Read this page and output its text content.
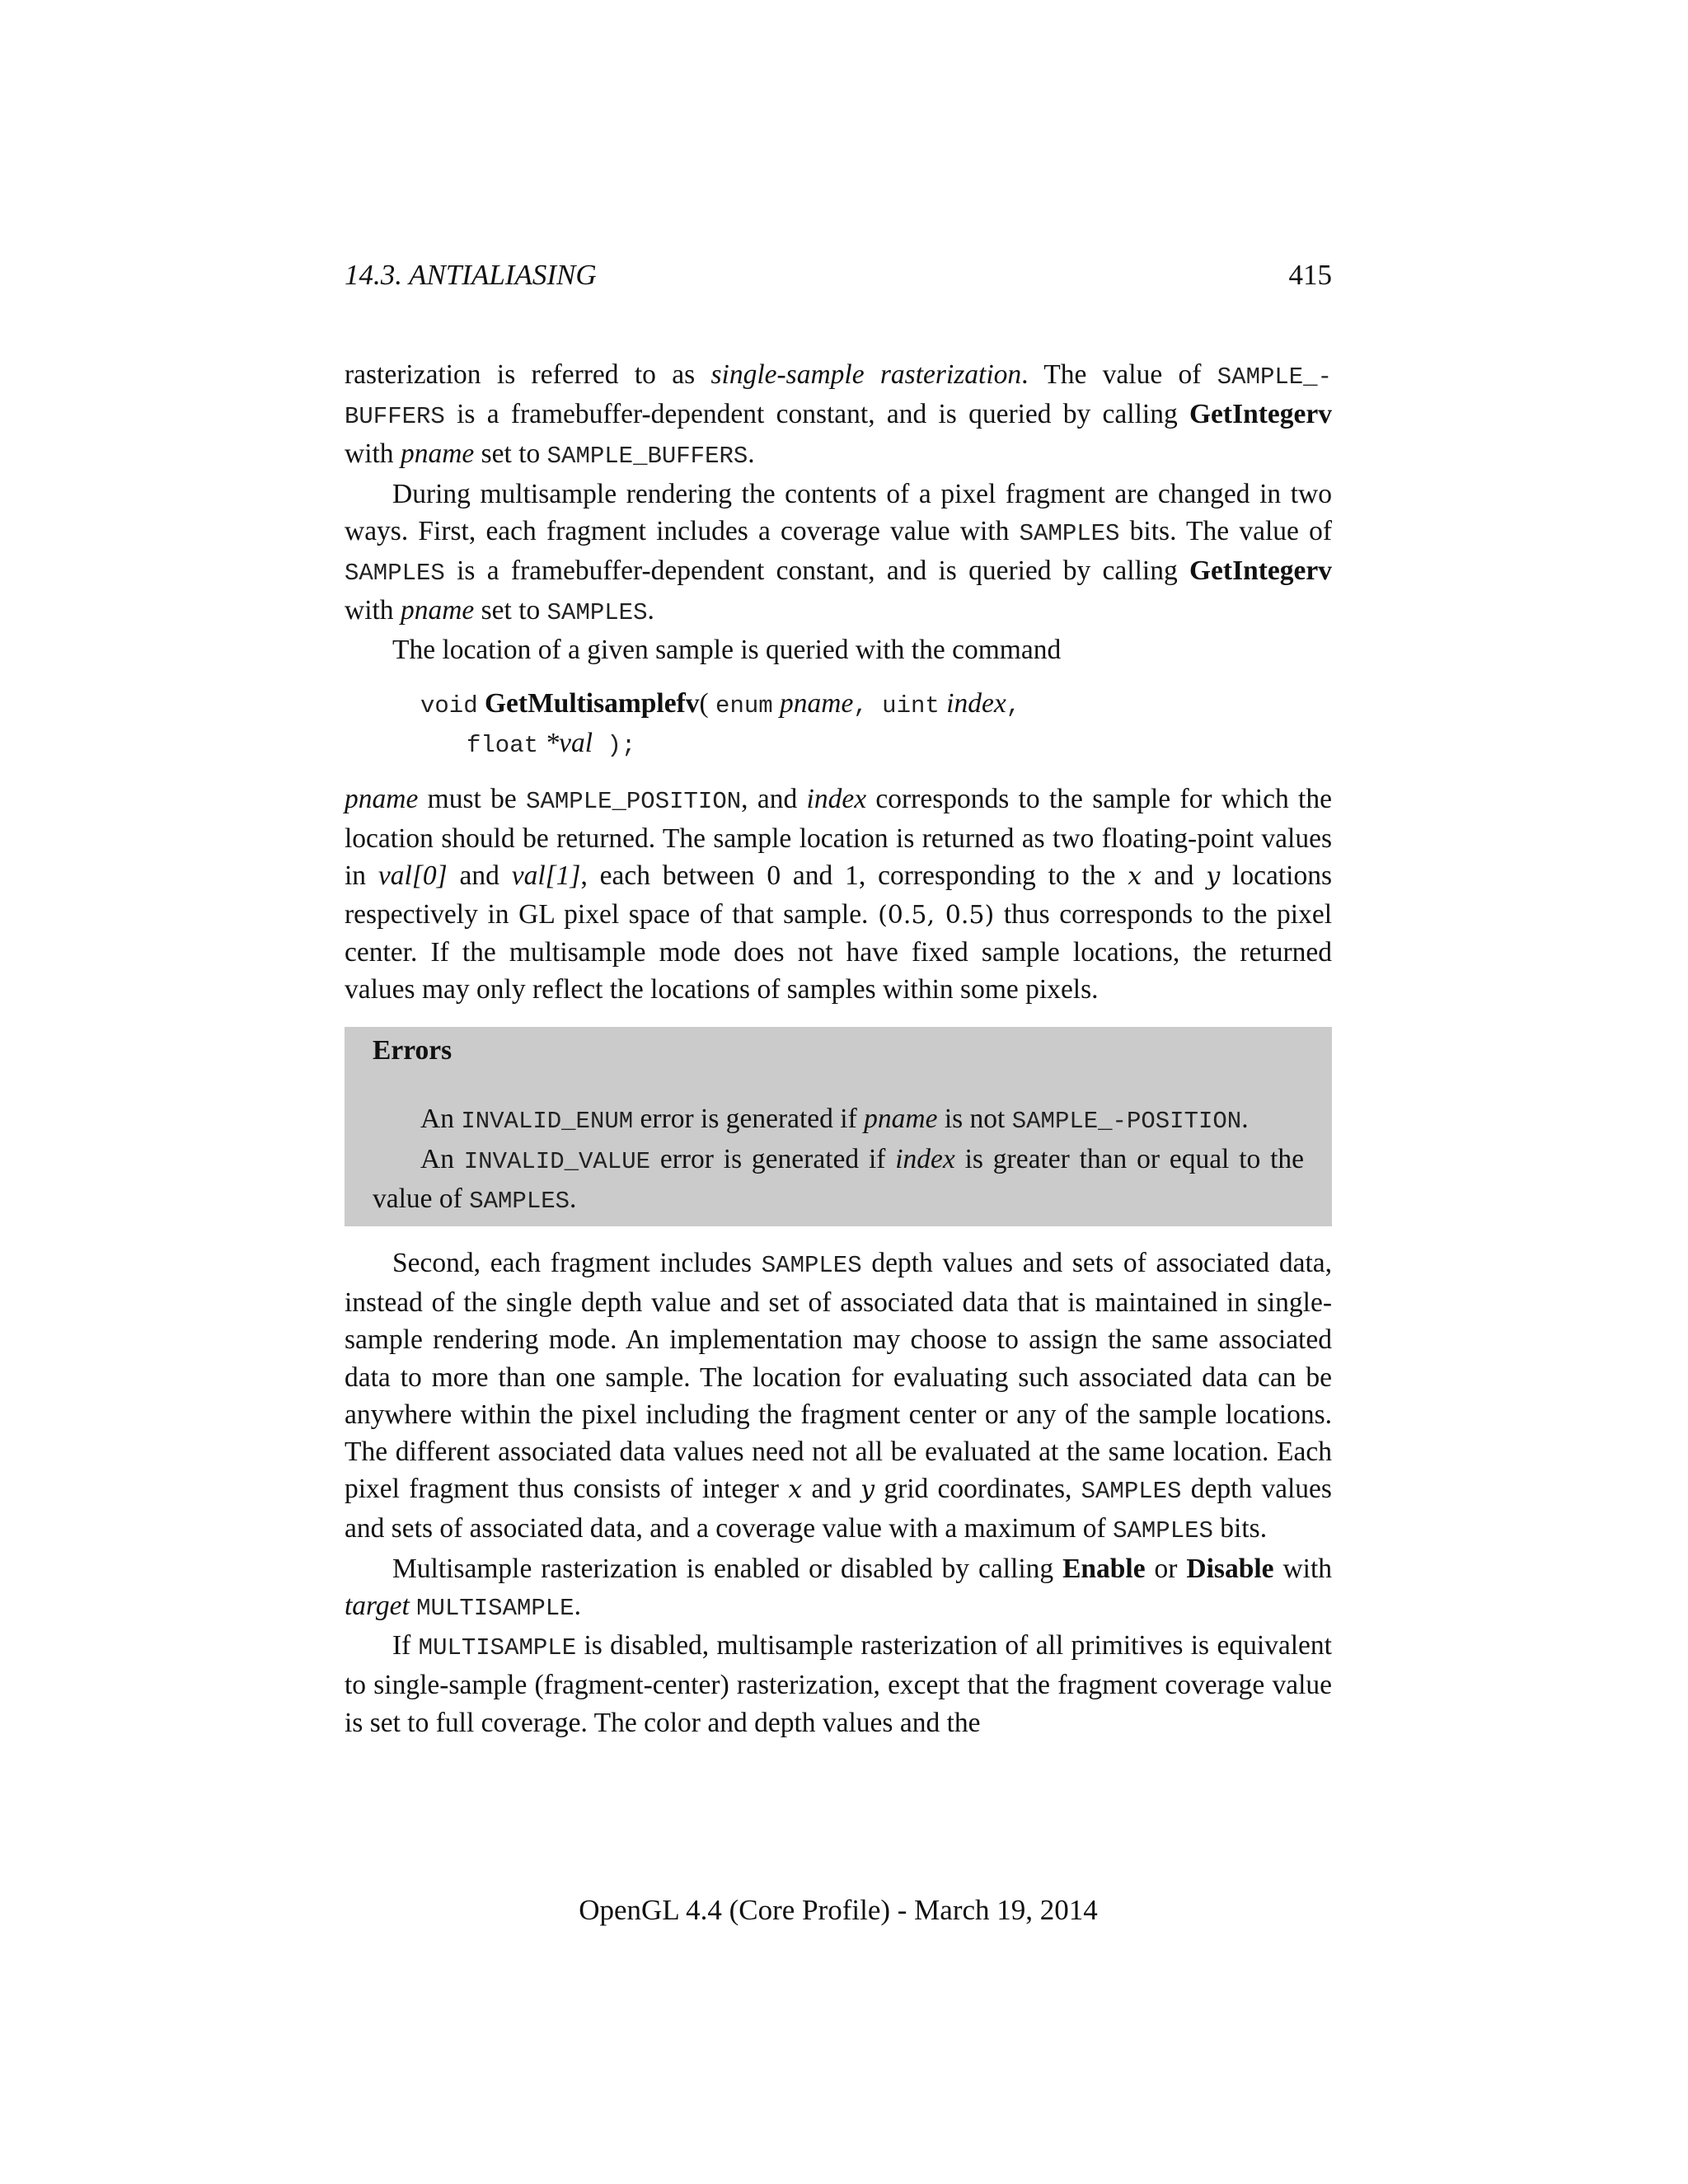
14.3. ANTIALIASING	415

rasterization is referred to as single-sample rasterization. The value of SAMPLE_-BUFFERS is a framebuffer-dependent constant, and is queried by calling GetIntegerv with pname set to SAMPLE_BUFFERS.

During multisample rendering the contents of a pixel fragment are changed in two ways. First, each fragment includes a coverage value with SAMPLES bits. The value of SAMPLES is a framebuffer-dependent constant, and is queried by calling GetIntegerv with pname set to SAMPLES.

The location of a given sample is queried with the command

void GetMultisamplefv( enum pname, uint index,
float *val );

pname must be SAMPLE_POSITION, and index corresponds to the sample for which the location should be returned. The sample location is returned as two floating-point values in val[0] and val[1], each between 0 and 1, corresponding to the x and y locations respectively in GL pixel space of that sample. (0.5, 0.5) thus corresponds to the pixel center. If the multisample mode does not have fixed sample locations, the returned values may only reflect the locations of samples within some pixels.

Errors

An INVALID_ENUM error is generated if pname is not SAMPLE_-POSITION.

An INVALID_VALUE error is generated if index is greater than or equal to the value of SAMPLES.

Second, each fragment includes SAMPLES depth values and sets of associated data, instead of the single depth value and set of associated data that is maintained in single-sample rendering mode. An implementation may choose to assign the same associated data to more than one sample. The location for evaluating such associated data can be anywhere within the pixel including the fragment center or any of the sample locations. The different associated data values need not all be evaluated at the same location. Each pixel fragment thus consists of integer x and y grid coordinates, SAMPLES depth values and sets of associated data, and a coverage value with a maximum of SAMPLES bits.

Multisample rasterization is enabled or disabled by calling Enable or Disable with target MULTISAMPLE.

If MULTISAMPLE is disabled, multisample rasterization of all primitives is equivalent to single-sample (fragment-center) rasterization, except that the fragment coverage value is set to full coverage. The color and depth values and the

OpenGL 4.4 (Core Profile) - March 19, 2014
